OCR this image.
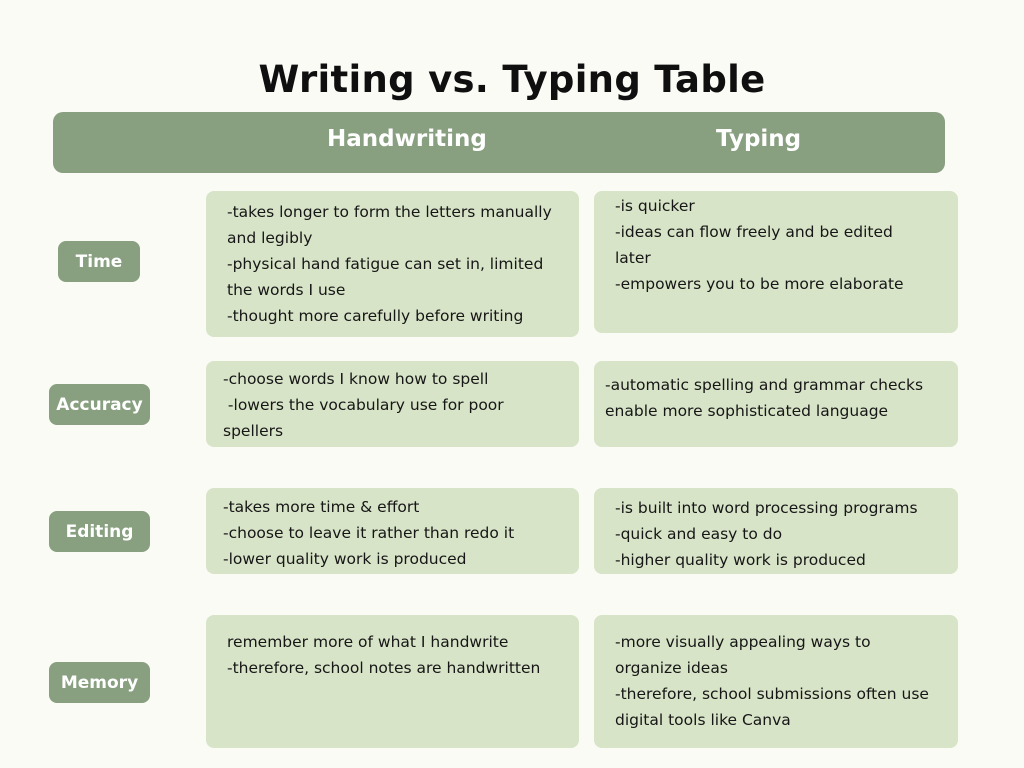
Writing vs. Typing Table
Handwriting	Typing
Time
-takes longer to form the letters manually
and legibly
-physical hand fatigue can set in, limited
the words I use
-thought more carefully before writing
-is quicker
-ideas can flow freely and be edited
later
-empowers you to be more elaborate
Accuracy
-choose words I know how to spell
-lowers the vocabulary use for poor
spellers
-automatic spelling and grammar checks
enable more sophisticated language
Editing
-takes more time & effort
-choose to leave it rather than redo it
-lower quality work is produced
-is built into word processing programs
-quick and easy to do
-higher quality work is produced
Memory
remember more of what I handwrite
-therefore, school notes are handwritten
-more visually appealing ways to
organize ideas
-therefore, school submissions often use
digital tools like Canva
